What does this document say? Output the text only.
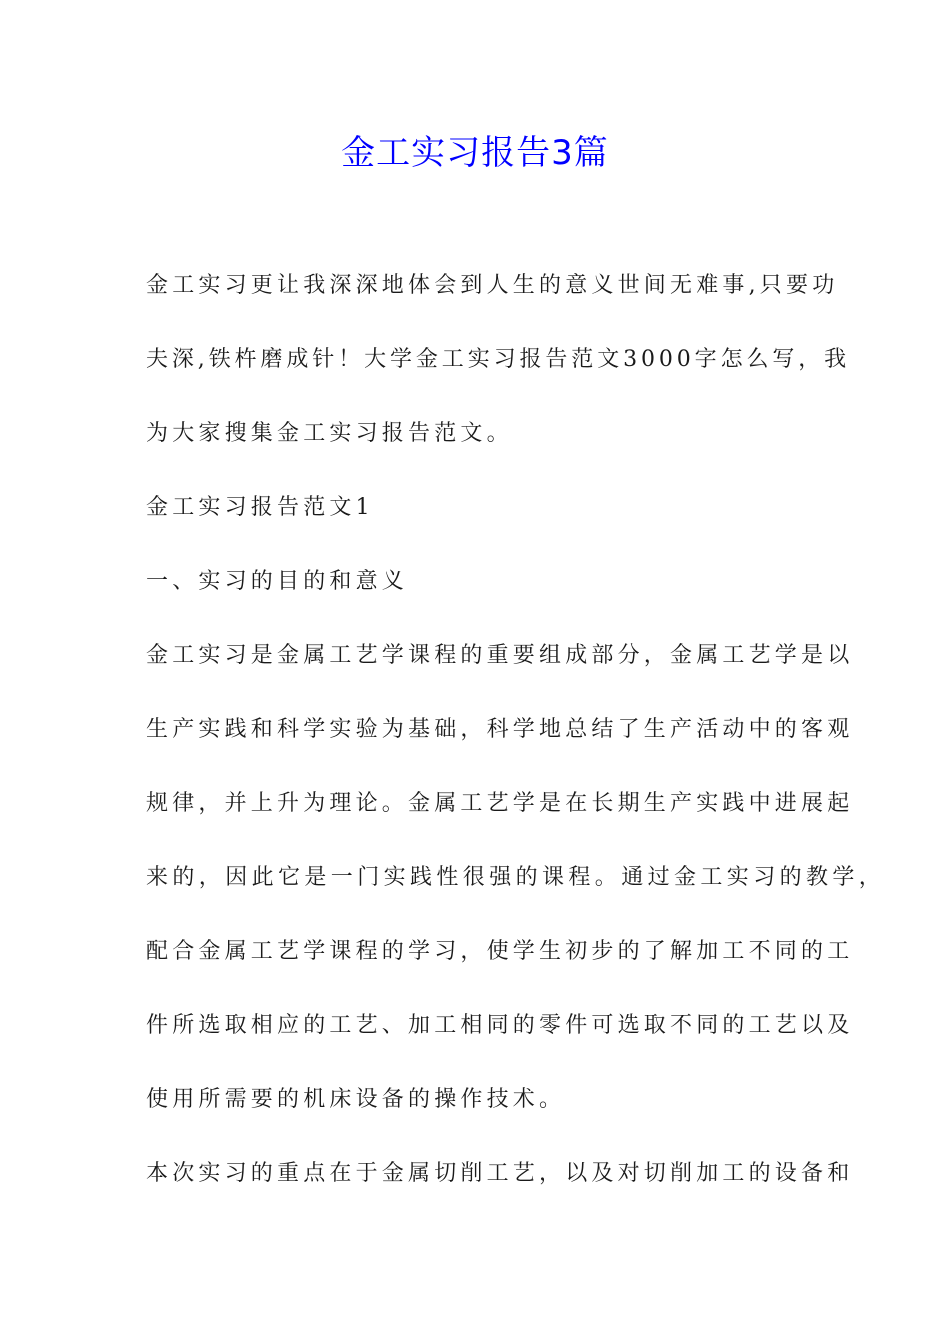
金工实习报告3篇
金工实习更让我深深地体会到人生的意义世间无难事,只要功
夫深,铁杵磨成针！大学金工实习报告范文3000字怎么写，我
为大家搜集金工实习报告范文。
金工实习报告范文1
一、实习的目的和意义
金工实习是金属工艺学课程的重要组成部分，金属工艺学是以
生产实践和科学实验为基础，科学地总结了生产活动中的客观
规律，并上升为理论。金属工艺学是在长期生产实践中进展起
来的，因此它是一门实践性很强的课程。通过金工实习的教学，
配合金属工艺学课程的学习，使学生初步的了解加工不同的工
件所选取相应的工艺、加工相同的零件可选取不同的工艺以及
使用所需要的机床设备的操作技术。
本次实习的重点在于金属切削工艺，以及对切削加工的设备和
